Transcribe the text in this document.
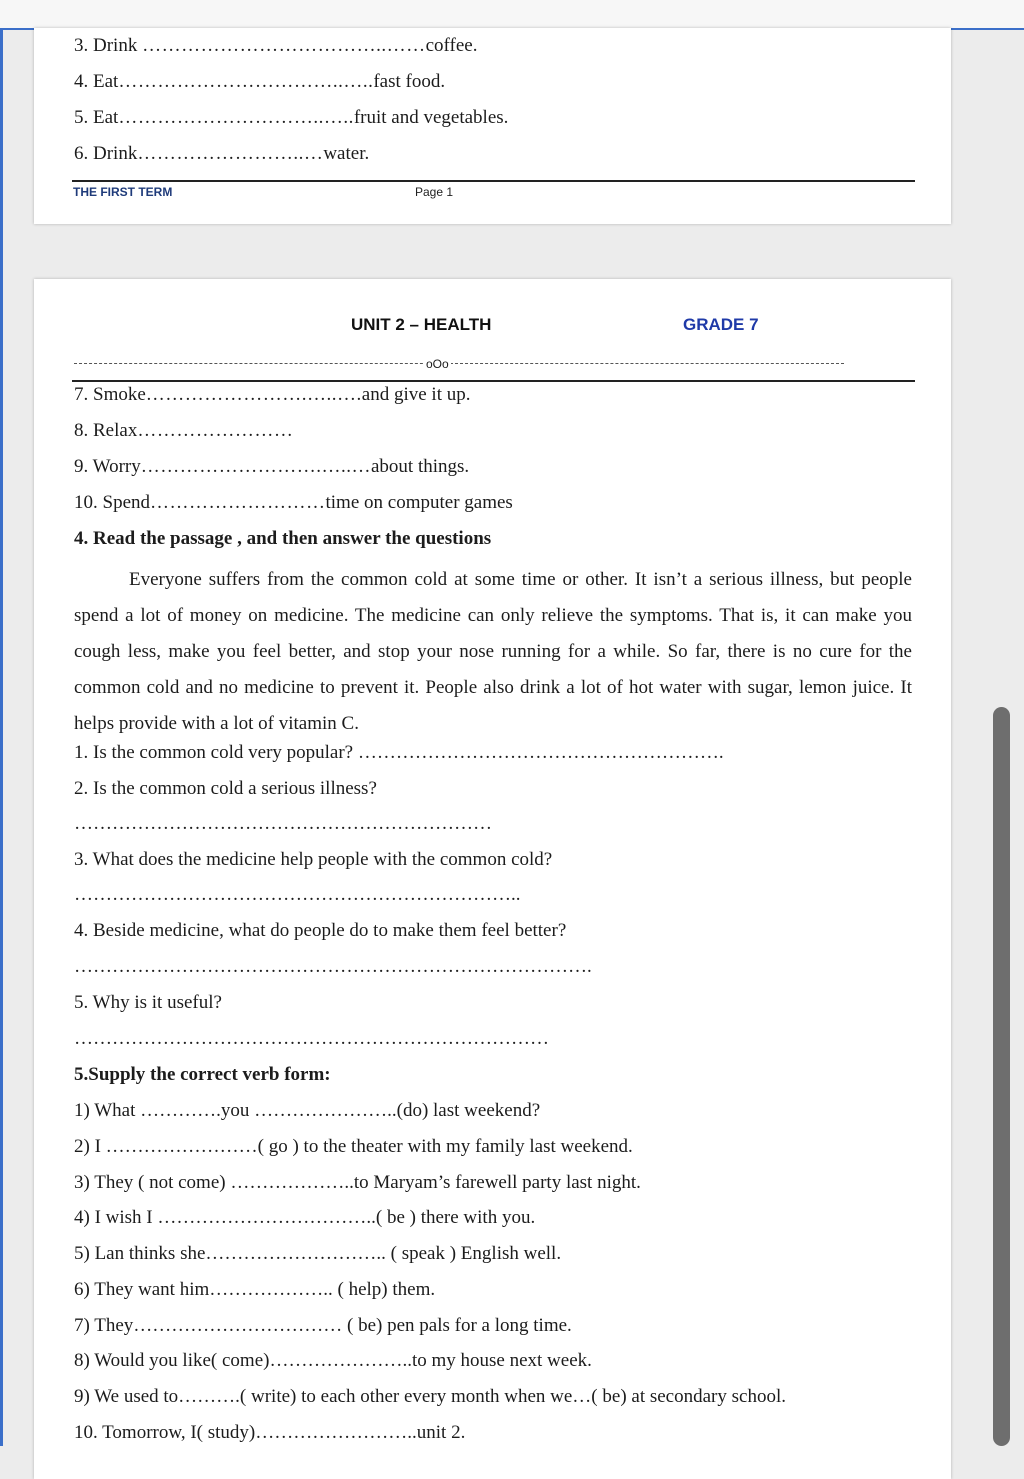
3. Drink ………………………………..……coffee.
4. Eat……………………………..…..fast food.
5. Eat…………………………..…..fruit and vegetables.
6. Drink……………………..…water.
THE FIRST TERM	Page 1
UNIT 2 – HEALTH	GRADE 7
oOo
7. Smoke…………………….…..….and give it up.
8. Relax……………………
9. Worry……………………….…..…about things.
10. Spend………………………time on computer games
4. Read the passage , and then answer the questions

Everyone suffers from the common cold at some time or other. It isn’t a serious illness, but people spend a lot of money on medicine. The medicine can only relieve the symptoms. That is, it can make you cough less, make you feel better, and stop your nose running for a while. So far, there is no cure for the common cold and no medicine to prevent it. People also drink a lot of hot water with sugar, lemon juice. It helps provide with a lot of vitamin C.

1. Is the common cold very popular? ………………………………………………….
2. Is the common cold a serious illness?
…………………………………………………………
3. What does the medicine help people with the common cold?
……………………………………………………………..
4. Beside medicine, what do people do to make them feel better?
……………………………………………………………………….
5. Why is it useful?
…………………………………………………………………
5.Supply the correct verb form:
1) What ………….you …………………..(do) last weekend?
2) I ……………………( go ) to the theater with my family last weekend.
3) They ( not come) ………………..to Maryam’s farewell party last night.
4) I wish I ……………………………..( be ) there with you.
5) Lan thinks she……………………….. ( speak ) English well.
6) They want him……………….. ( help) them.
7) They…………………………… ( be) pen pals for a long time.
8) Would you like( come)…………………..to my house next week.
9) We used to……….( write) to each other every month when we…( be) at secondary school.
10. Tomorrow, I( study)……………………..unit 2.
